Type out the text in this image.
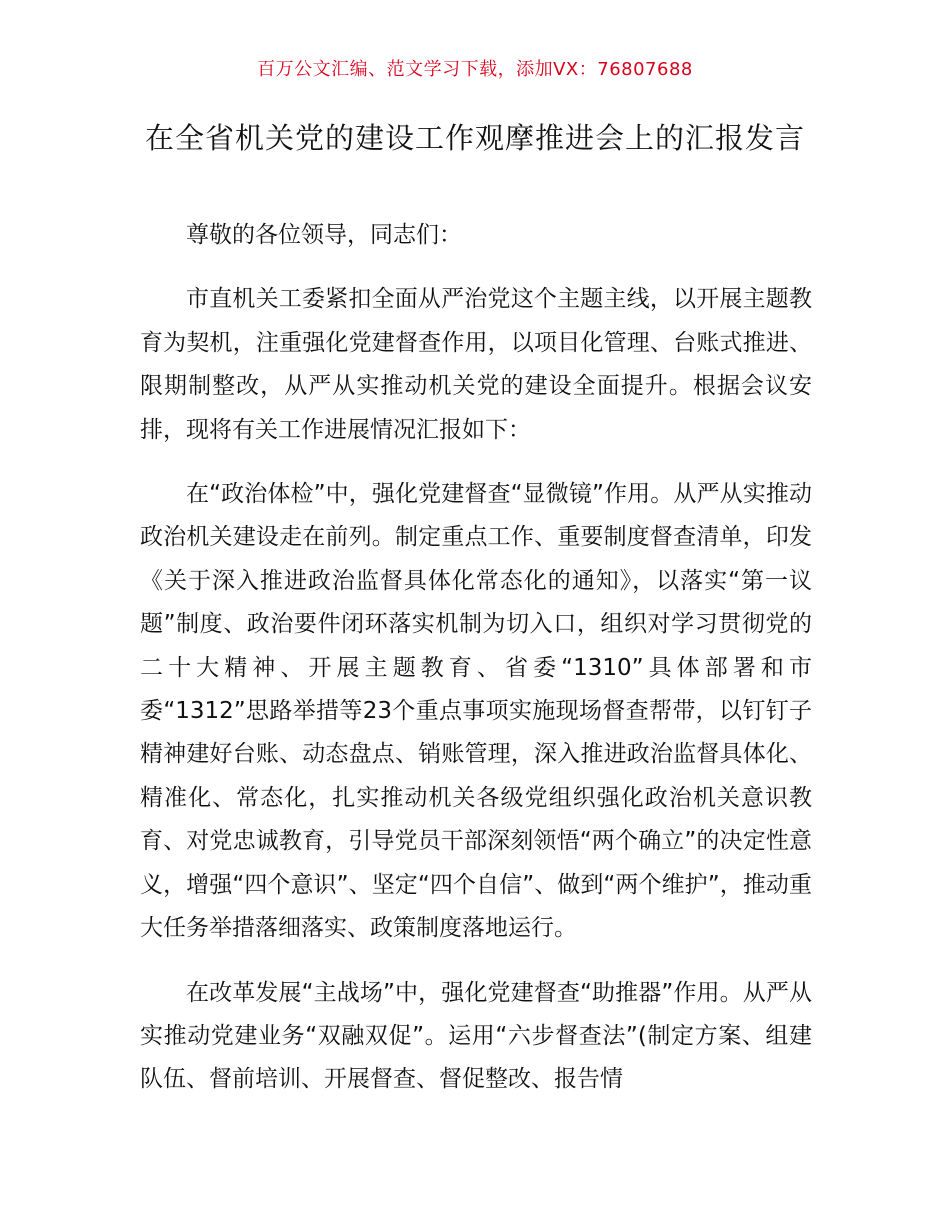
百万公文汇编、范文学习下载，添加VX：76807688
在全省机关党的建设工作观摩推进会上的汇报发言

尊敬的各位领导，同志们：

市直机关工委紧扣全面从严治党这个主题主线，以开展主题教育为契机，注重强化党建督查作用，以项目化管理、台账式推进、限期制整改，从严从实推动机关党的建设全面提升。根据会议安排，现将有关工作进展情况汇报如下：

在“政治体检”中，强化党建督查“显微镜”作用。从严从实推动政治机关建设走在前列。制定重点工作、重要制度督查清单，印发《关于深入推进政治监督具体化常态化的通知》，以落实“第一议题”制度、政治要件闭环落实机制为切入口，组织对学习贯彻党的二十大精神、开展主题教育、省委“1310”具体部署和市委“1312”思路举措等23个重点事项实施现场督查帮带，以钉钉子精神建好台账、动态盘点、销账管理，深入推进政治监督具体化、精准化、常态化，扎实推动机关各级党组织强化政治机关意识教育、对党忠诚教育，引导党员干部深刻领悟“两个确立”的决定性意义，增强“四个意识”、坚定“四个自信”、做到“两个维护”，推动重大任务举措落细落实、政策制度落地运行。

在改革发展“主战场”中，强化党建督查“助推器”作用。从严从实推动党建业务“双融双促”。运用“六步督查法”(制定方案、组建队伍、督前培训、开展督查、督促整改、报告情
